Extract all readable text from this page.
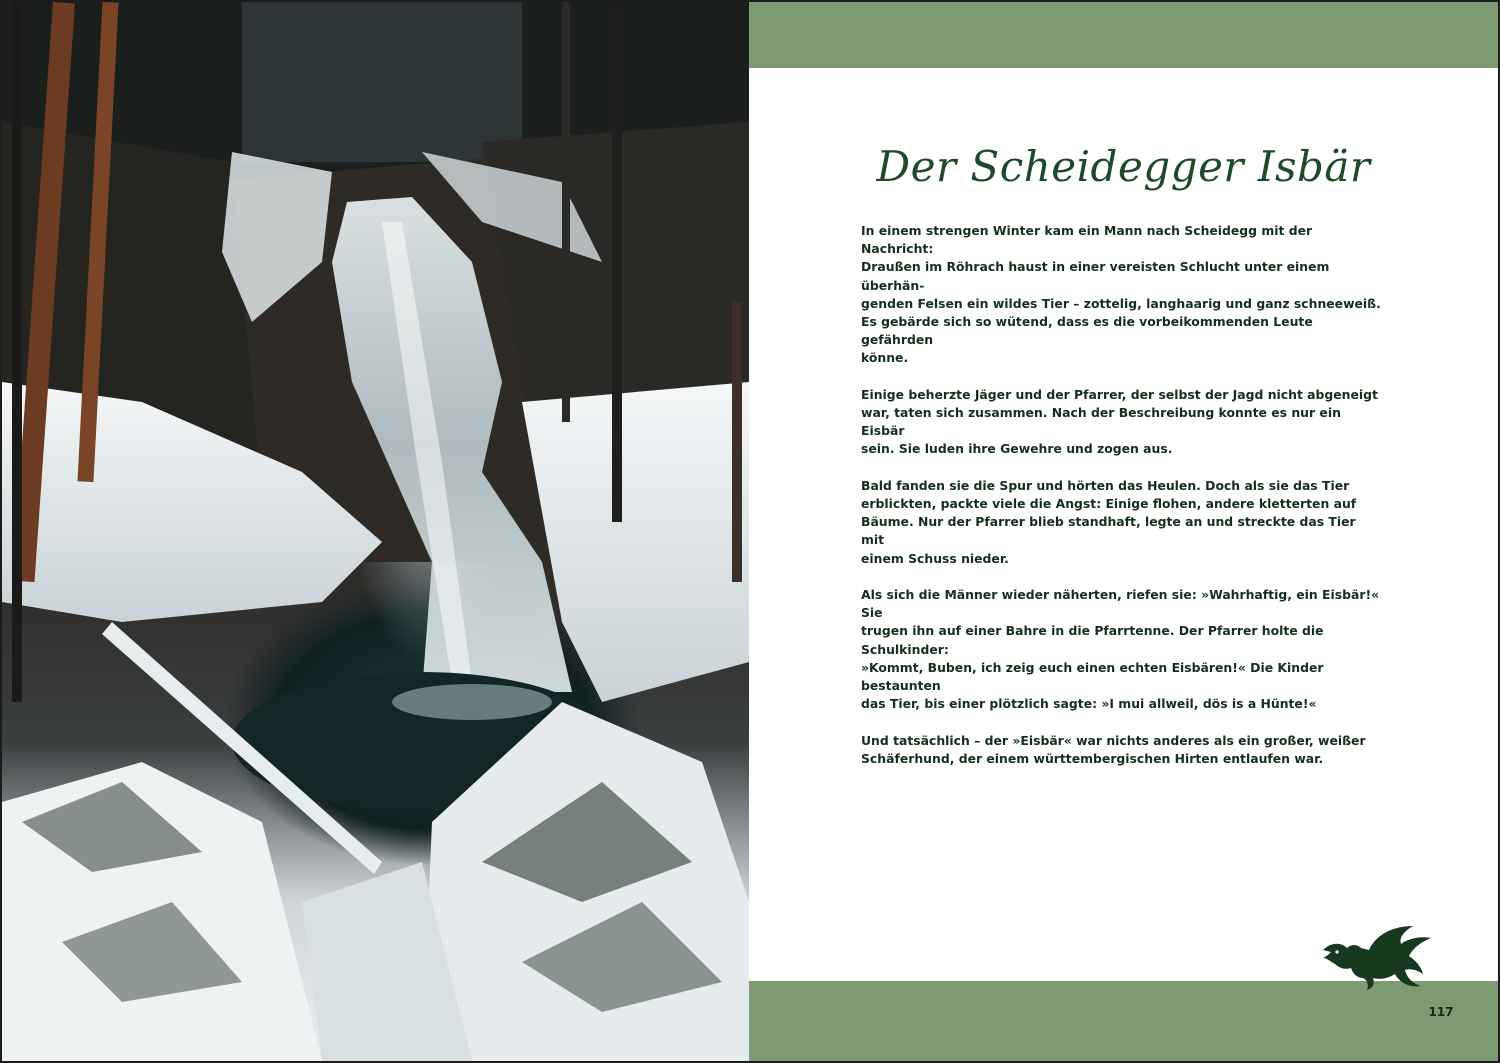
Der Scheidegger Isbär

In einem strengen Winter kam ein Mann nach Scheidegg mit der Nachricht:
Draußen im Röhrach haust in einer vereisten Schlucht unter einem überhän-
genden Felsen ein wildes Tier – zottelig, langhaarig und ganz schneeweiß.
Es gebärde sich so wütend, dass es die vorbeikommenden Leute gefährden
könne.

Einige beherzte Jäger und der Pfarrer, der selbst der Jagd nicht abgeneigt
war, taten sich zusammen. Nach der Beschreibung konnte es nur ein Eisbär
sein. Sie luden ihre Gewehre und zogen aus.

Bald fanden sie die Spur und hörten das Heulen. Doch als sie das Tier
erblickten, packte viele die Angst: Einige flohen, andere kletterten auf
Bäume. Nur der Pfarrer blieb standhaft, legte an und streckte das Tier mit
einem Schuss nieder.

Als sich die Männer wieder näherten, riefen sie: »Wahrhaftig, ein Eisbär!« Sie
trugen ihn auf einer Bahre in die Pfarrtenne. Der Pfarrer holte die Schulkinder:
»Kommt, Buben, ich zeig euch einen echten Eisbären!« Die Kinder bestaunten
das Tier, bis einer plötzlich sagte: »I mui allweil, dös is a Hünte!«

Und tatsächlich – der »Eisbär« war nichts anderes als ein großer, weißer
Schäferhund, der einem württembergischen Hirten entlaufen war.

117
